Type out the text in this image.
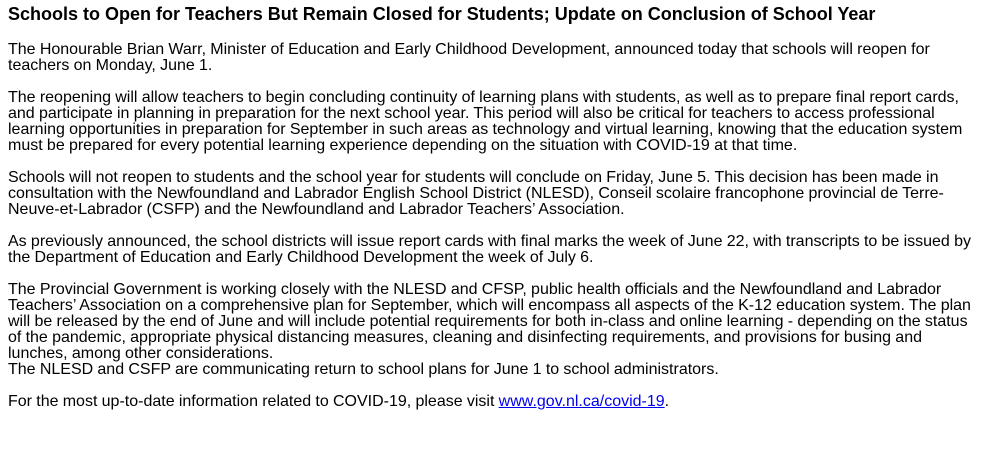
Schools to Open for Teachers But Remain Closed for Students; Update on Conclusion of School Year

The Honourable Brian Warr, Minister of Education and Early Childhood Development, announced today that schools will reopen for teachers on Monday, June 1.

The reopening will allow teachers to begin concluding continuity of learning plans with students, as well as to prepare final report cards, and participate in planning in preparation for the next school year. This period will also be critical for teachers to access professional learning opportunities in preparation for September in such areas as technology and virtual learning, knowing that the education system must be prepared for every potential learning experience depending on the situation with COVID-19 at that time.

Schools will not reopen to students and the school year for students will conclude on Friday, June 5. This decision has been made in consultation with the Newfoundland and Labrador English School District (NLESD), Conseil scolaire francophone provincial de Terre-Neuve-et-Labrador (CSFP) and the Newfoundland and Labrador Teachers’ Association.

As previously announced, the school districts will issue report cards with final marks the week of June 22, with transcripts to be issued by the Department of Education and Early Childhood Development the week of July 6.

The Provincial Government is working closely with the NLESD and CFSP, public health officials and the Newfoundland and Labrador Teachers’ Association on a comprehensive plan for September, which will encompass all aspects of the K-12 education system. The plan will be released by the end of June and will include potential requirements for both in-class and online learning - depending on the status of the pandemic, appropriate physical distancing measures, cleaning and disinfecting requirements, and provisions for busing and lunches, among other considerations.

The NLESD and CSFP are communicating return to school plans for June 1 to school administrators.

For the most up-to-date information related to COVID-19, please visit www.gov.nl.ca/covid-19.
